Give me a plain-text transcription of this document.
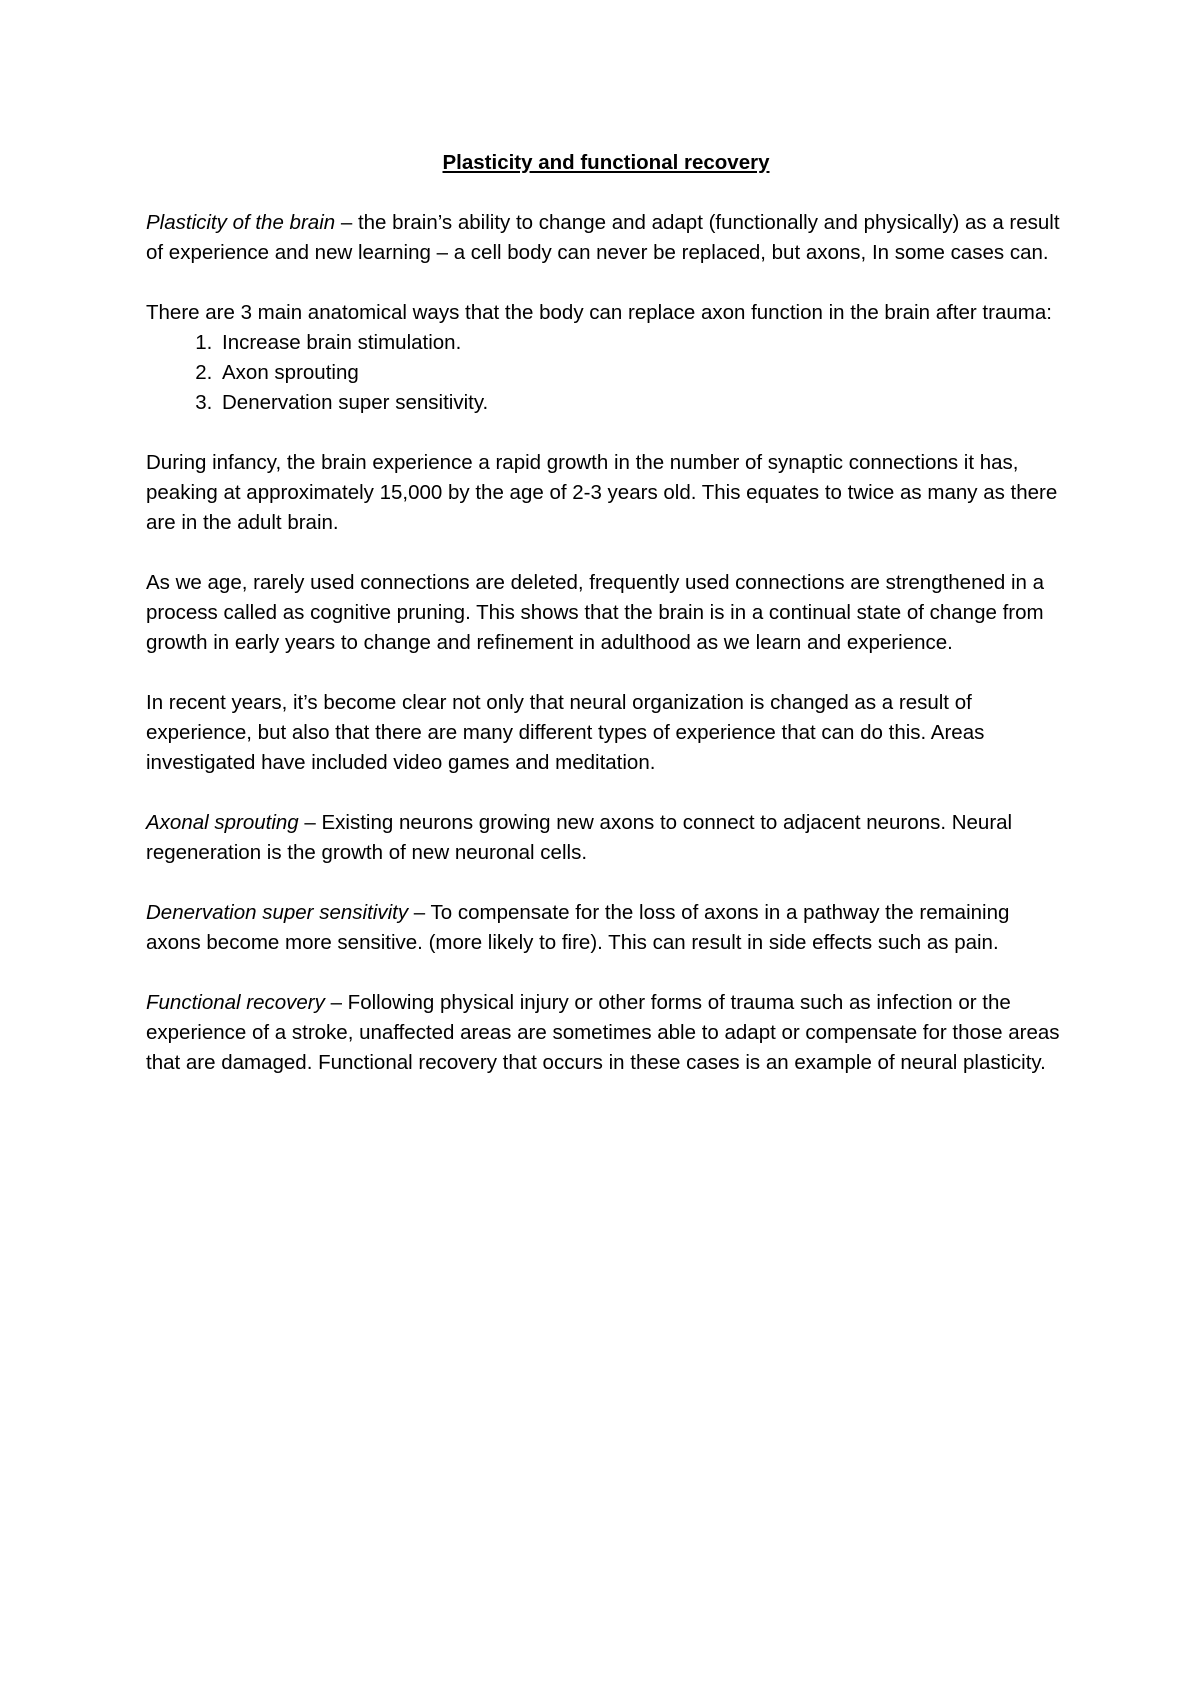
Plasticity and functional recovery

Plasticity of the brain – the brain’s ability to change and adapt (functionally and physically) as a result of experience and new learning – a cell body can never be replaced, but axons, In some cases can.

There are 3 main anatomical ways that the body can replace axon function in the brain after trauma:

1. Increase brain stimulation.
2. Axon sprouting
3. Denervation super sensitivity.

During infancy, the brain experience a rapid growth in the number of synaptic connections it has, peaking at approximately 15,000 by the age of 2-3 years old. This equates to twice as many as there are in the adult brain.

As we age, rarely used connections are deleted, frequently used connections are strengthened in a process called as cognitive pruning. This shows that the brain is in a continual state of change from growth in early years to change and refinement in adulthood as we learn and experience.

In recent years, it’s become clear not only that neural organization is changed as a result of experience, but also that there are many different types of experience that can do this. Areas investigated have included video games and meditation.

Axonal sprouting – Existing neurons growing new axons to connect to adjacent neurons. Neural regeneration is the growth of new neuronal cells.

Denervation super sensitivity – To compensate for the loss of axons in a pathway the remaining axons become more sensitive. (more likely to fire). This can result in side effects such as pain.

Functional recovery – Following physical injury or other forms of trauma such as infection or the experience of a stroke, unaffected areas are sometimes able to adapt or compensate for those areas that are damaged. Functional recovery that occurs in these cases is an example of neural plasticity.
